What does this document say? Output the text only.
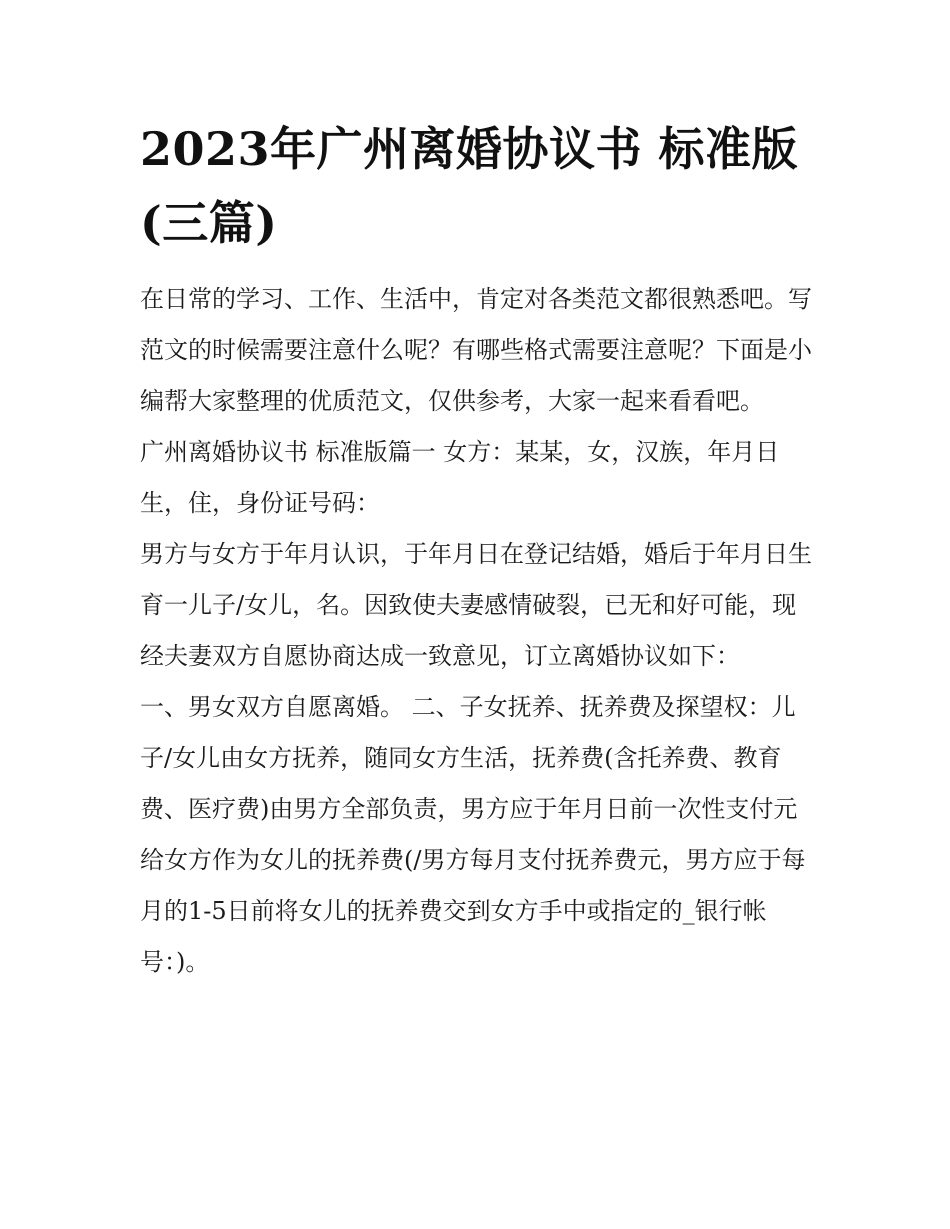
2023年广州离婚协议书 标准版(三篇)

在日常的学习、工作、生活中，肯定对各类范文都很熟悉吧。写范文的时候需要注意什么呢？有哪些格式需要注意呢？下面是小编帮大家整理的优质范文，仅供参考，大家一起来看看吧。

广州离婚协议书 标准版篇一 女方：某某，女，汉族，年月日生，住，身份证号码：

男方与女方于年月认识，于年月日在登记结婚，婚后于年月日生育一儿子/女儿，名。因致使夫妻感情破裂，已无和好可能，现经夫妻双方自愿协商达成一致意见，订立离婚协议如下：

一、男女双方自愿离婚。 二、子女抚养、抚养费及探望权：儿子/女儿由女方抚养，随同女方生活，抚养费(含托养费、教育费、医疗费)由男方全部负责，男方应于年月日前一次性支付元给女方作为女儿的抚养费(/男方每月支付抚养费元，男方应于每月的1-5日前将女儿的抚养费交到女方手中或指定的_银行帐号：)。
